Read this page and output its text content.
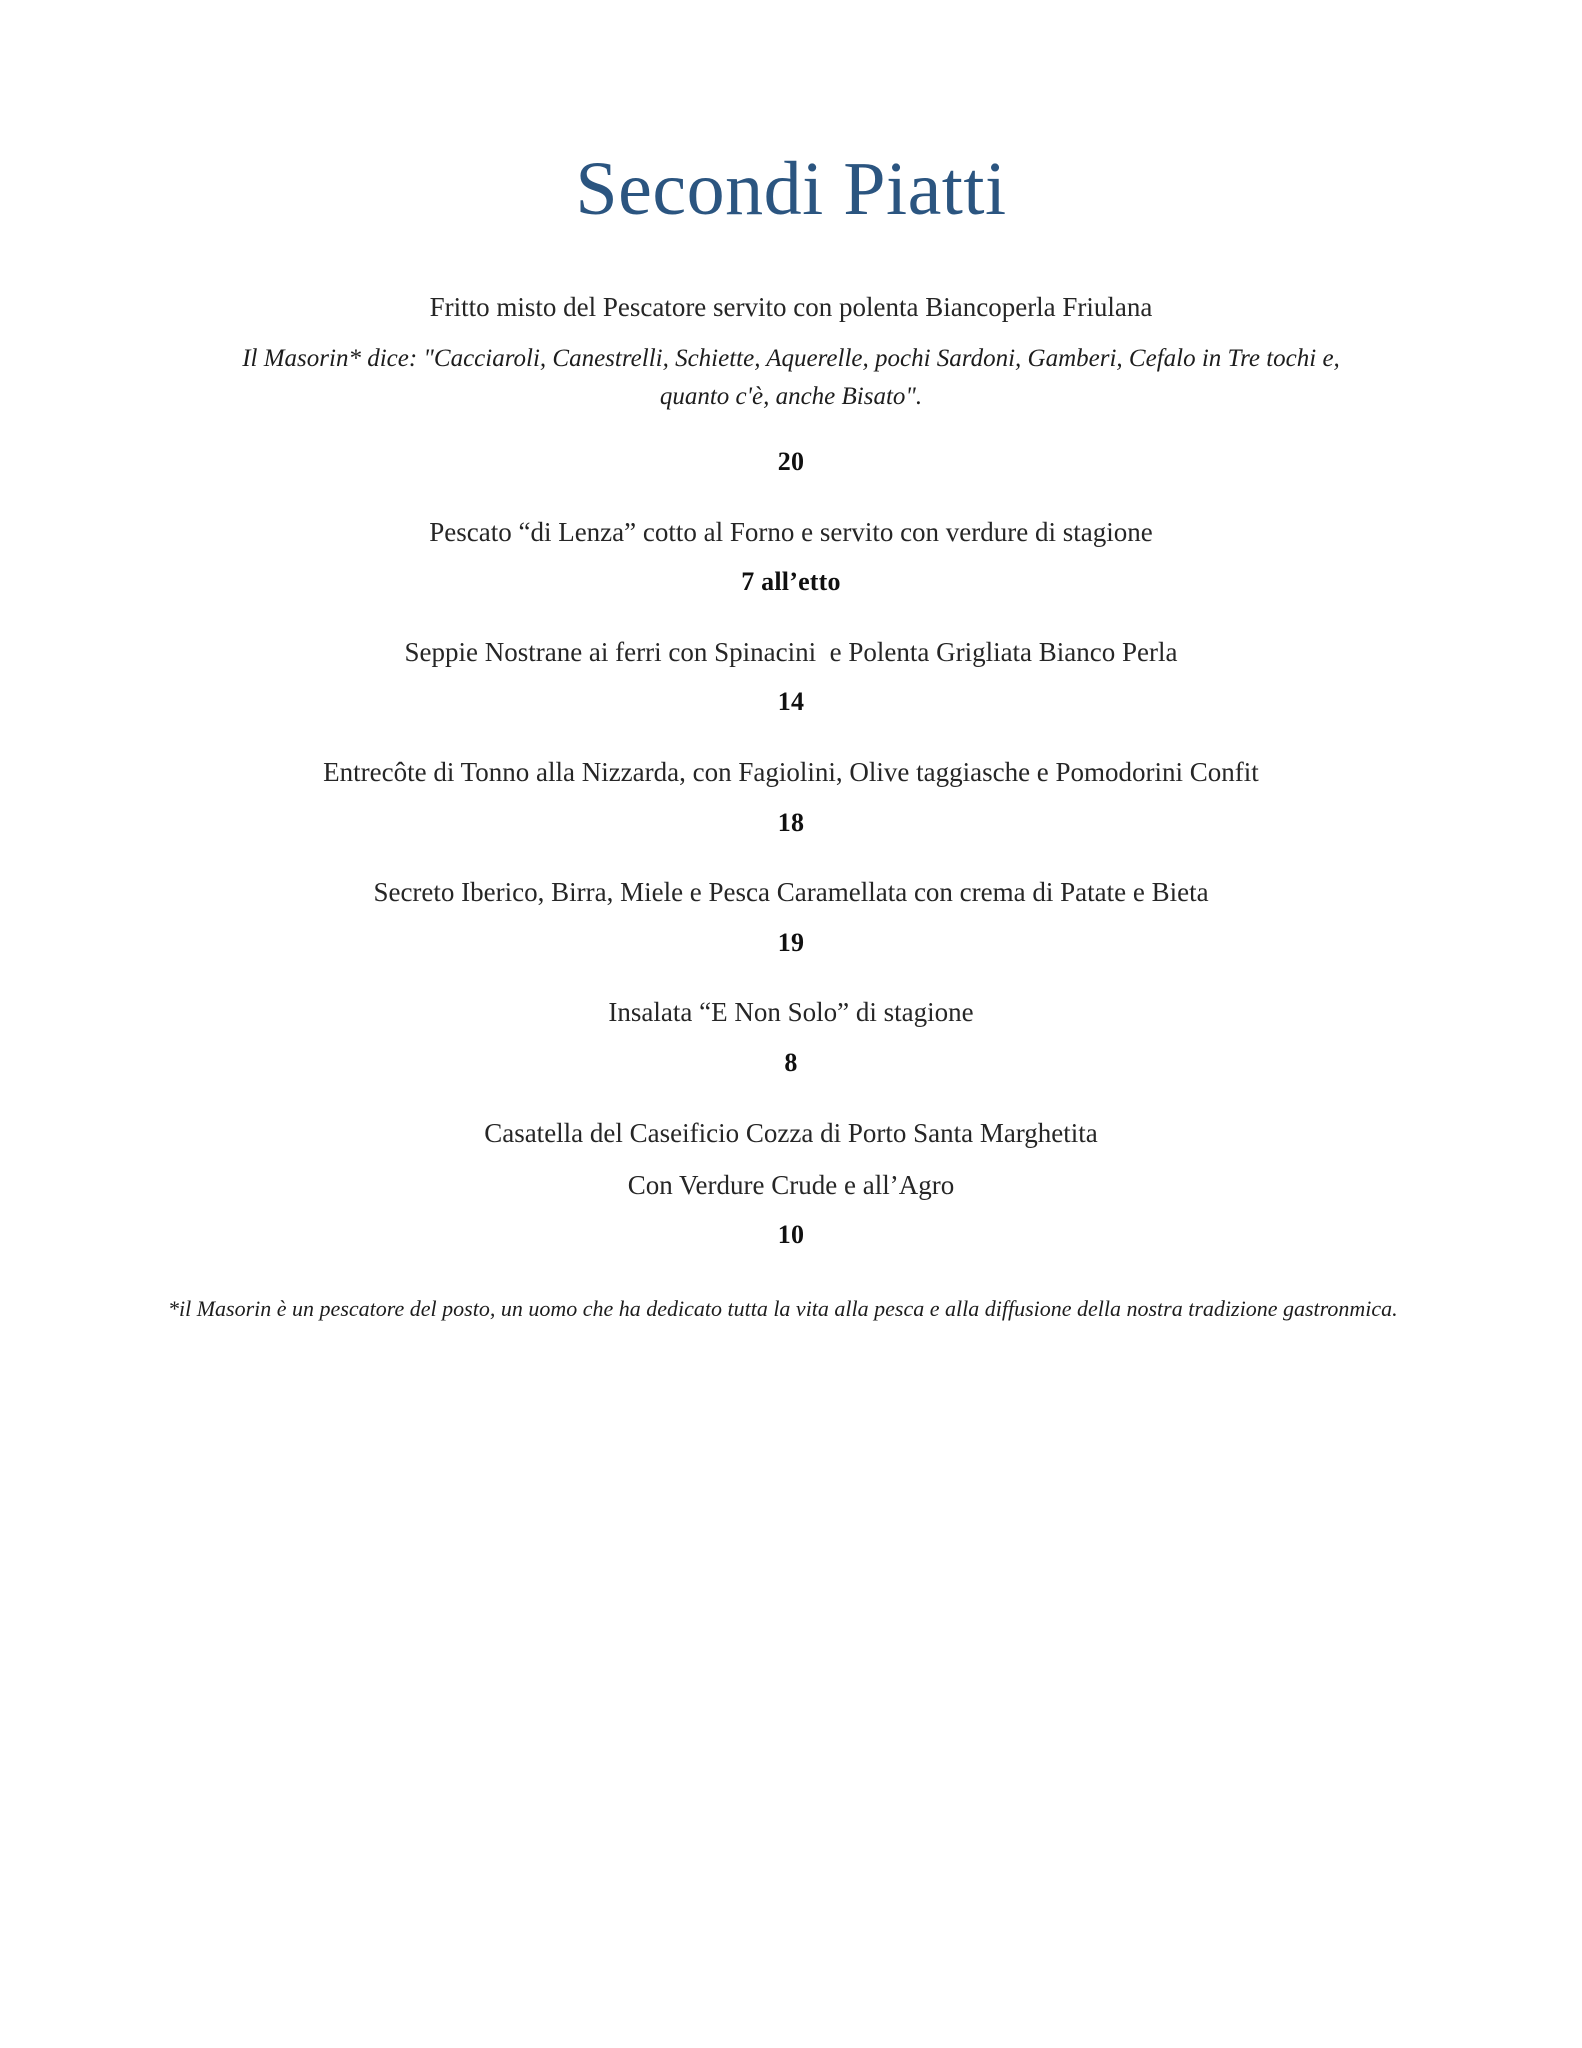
Secondi Piatti

Fritto misto del Pescatore servito con polenta Biancoperla Friulana

Il Masorin* dice: "Cacciaroli, Canestrelli, Schiette, Aquerelle, pochi Sardoni, Gamberi, Cefalo in Tre tochi e, quanto c'è, anche Bisato".

20

Pescato “di Lenza” cotto al Forno e servito con verdure di stagione

7 all’etto

Seppie Nostrane ai ferri con Spinacini  e Polenta Grigliata Bianco Perla

14

Entrecôte di Tonno alla Nizzarda, con Fagiolini, Olive taggiasche e Pomodorini Confit

18

Secreto Iberico, Birra, Miele e Pesca Caramellata con crema di Patate e Bieta

19

Insalata “E Non Solo” di stagione

8

Casatella del Caseificio Cozza di Porto Santa Marghetita

Con Verdure Crude e all’Agro

10

*il Masorin è un pescatore del posto, un uomo che ha dedicato tutta la vita alla pesca e alla diffusione della nostra tradizione gastronmica.
